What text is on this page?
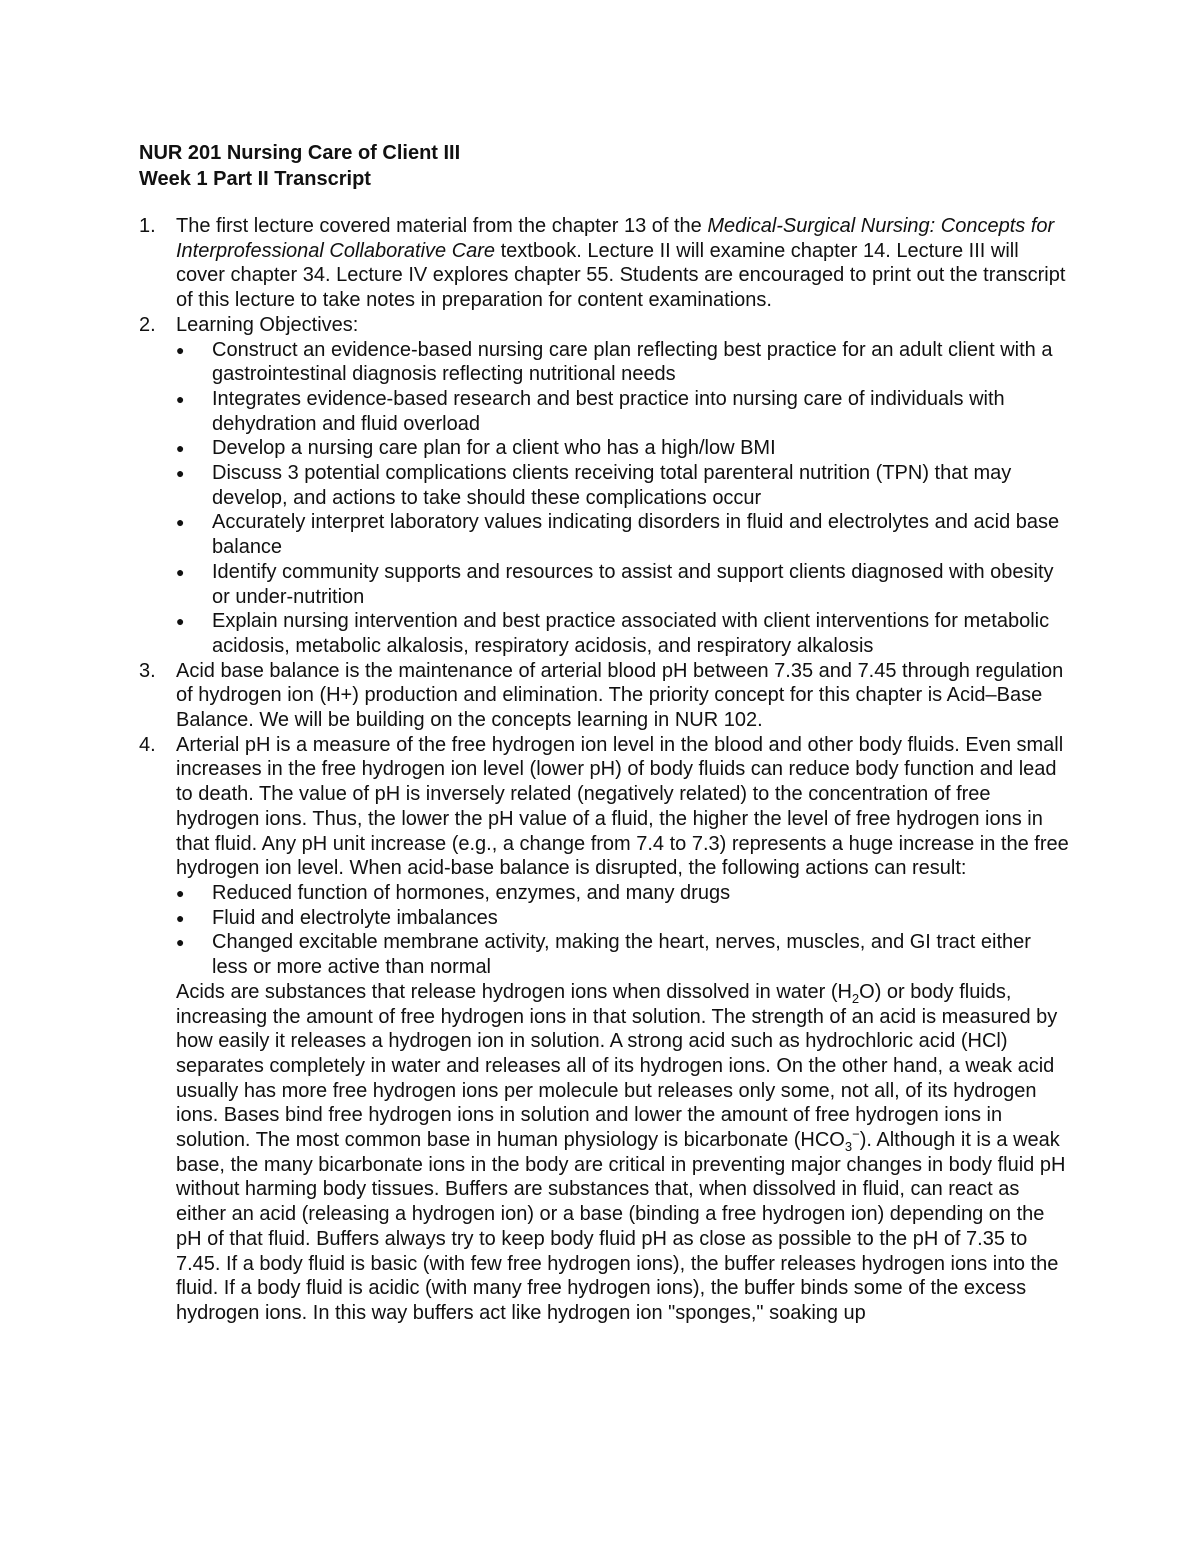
NUR 201 Nursing Care of Client III
Week 1 Part II Transcript
1. The first lecture covered material from the chapter 13 of the Medical-Surgical Nursing: Concepts for Interprofessional Collaborative Care textbook. Lecture II will examine chapter 14. Lecture III will cover chapter 34. Lecture IV explores chapter 55. Students are encouraged to print out the transcript of this lecture to take notes in preparation for content examinations.
2. Learning Objectives:
● Construct an evidence-based nursing care plan reflecting best practice for an adult client with a gastrointestinal diagnosis reflecting nutritional needs
● Integrates evidence-based research and best practice into nursing care of individuals with dehydration and fluid overload
● Develop a nursing care plan for a client who has a high/low BMI
● Discuss 3 potential complications clients receiving total parenteral nutrition (TPN) that may develop, and actions to take should these complications occur
● Accurately interpret laboratory values indicating disorders in fluid and electrolytes and acid base balance
● Identify community supports and resources to assist and support clients diagnosed with obesity or under-nutrition
● Explain nursing intervention and best practice associated with client interventions for metabolic acidosis, metabolic alkalosis, respiratory acidosis, and respiratory alkalosis
3. Acid base balance is the maintenance of arterial blood pH between 7.35 and 7.45 through regulation of hydrogen ion (H+) production and elimination. The priority concept for this chapter is Acid–Base Balance. We will be building on the concepts learning in NUR 102.
4. Arterial pH is a measure of the free hydrogen ion level in the blood and other body fluids. Even small increases in the free hydrogen ion level (lower pH) of body fluids can reduce body function and lead to death. The value of pH is inversely related (negatively related) to the concentration of free hydrogen ions. Thus, the lower the pH value of a fluid, the higher the level of free hydrogen ions in that fluid. Any pH unit increase (e.g., a change from 7.4 to 7.3) represents a huge increase in the free hydrogen ion level. When acid-base balance is disrupted, the following actions can result:
● Reduced function of hormones, enzymes, and many drugs
● Fluid and electrolyte imbalances
● Changed excitable membrane activity, making the heart, nerves, muscles, and GI tract either less or more active than normal
Acids are substances that release hydrogen ions when dissolved in water $(H_2O)$ or body fluids, increasing the amount of free hydrogen ions in that solution. The strength of an acid is measured by how easily it releases a hydrogen ion in solution. A strong acid such as hydrochloric acid (HCl) separates completely in water and releases all of its hydrogen ions. On the other hand, a weak acid usually has more free hydrogen ions per molecule but releases only some, not all, of its hydrogen ions. Bases bind free hydrogen ions in solution and lower the amount of free hydrogen ions in solution. The most common base in human physiology is bicarbonate $(HCO_3^-)$. Although it is a weak base, the many bicarbonate ions in the body are critical in preventing major changes in body fluid pH without harming body tissues. Buffers are substances that, when dissolved in fluid, can react as either an acid (releasing a hydrogen ion) or a base (binding a free hydrogen ion) depending on the pH of that fluid. Buffers always try to keep body fluid pH as close as possible to the pH of 7.35 to 7.45. If a body fluid is basic (with few free hydrogen ions), the buffer releases hydrogen ions into the fluid. If a body fluid is acidic (with many free hydrogen ions), the buffer binds some of the excess hydrogen ions. In this way buffers act like hydrogen ion "sponges," soaking up
